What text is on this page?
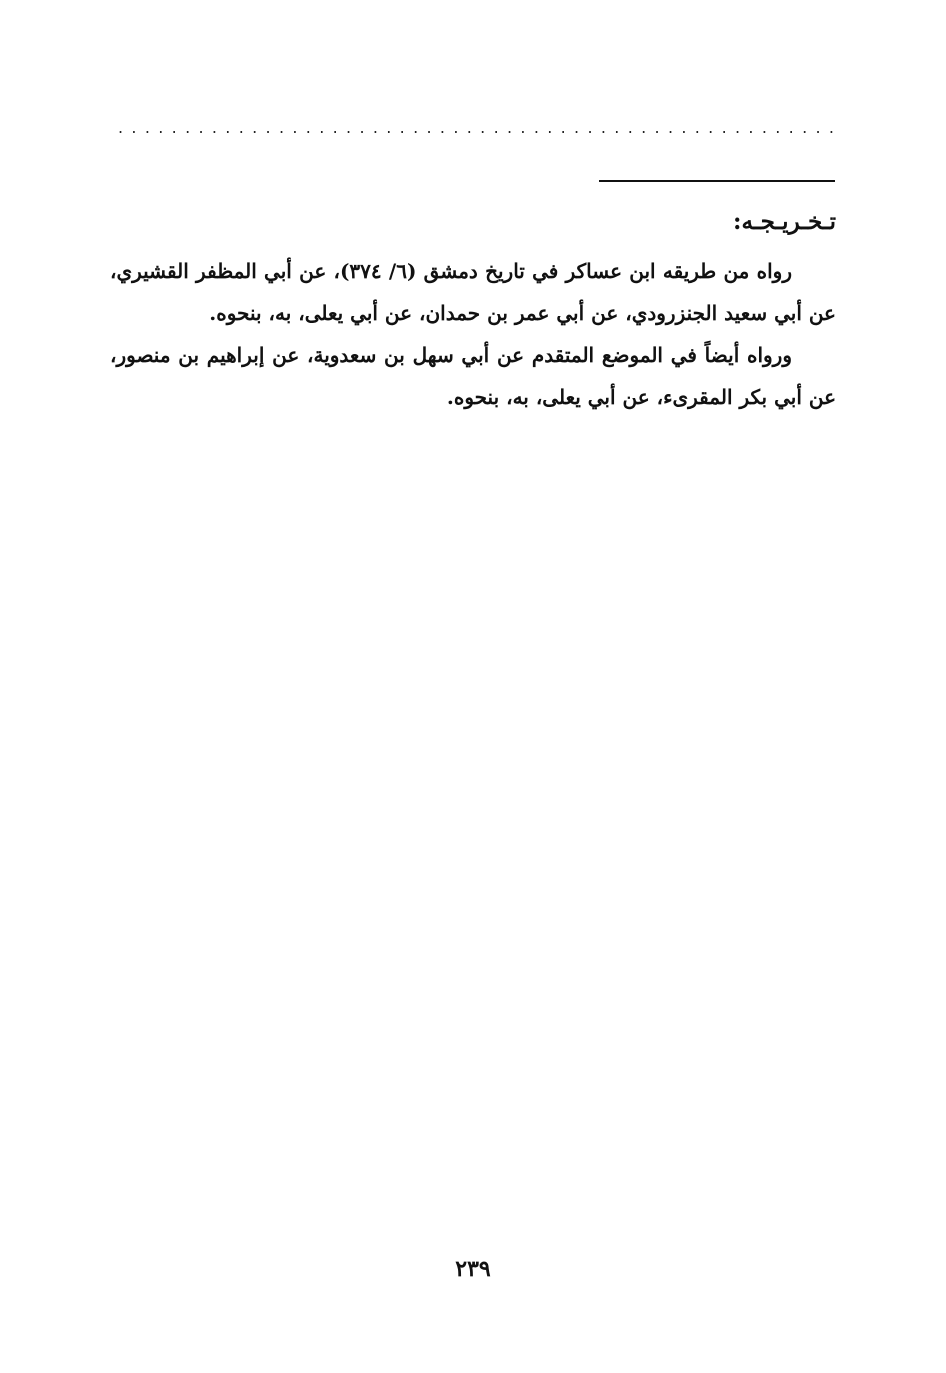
. . . . . . . . . . . . . . . . . . . . . . . . . . . . . . . . . . . . . . . . . . . . . . . . . . . . . .
تـخـريـجـه:

رواه من طريقه ابن عساكر في تاريخ دمشق (٦/ ٣٧٤)، عن أبي المظفر القشيري، عن أبي سعيد الجنزرودي، عن أبي عمر بن حمدان، عن أبي يعلى، به، بنحوه.

ورواه أيضاً في الموضع المتقدم عن أبي سهل بن سعدوية، عن إبراهيم بن منصور، عن أبي بكر المقرىء، عن أبي يعلى، به، بنحوه.

٢٣٩
